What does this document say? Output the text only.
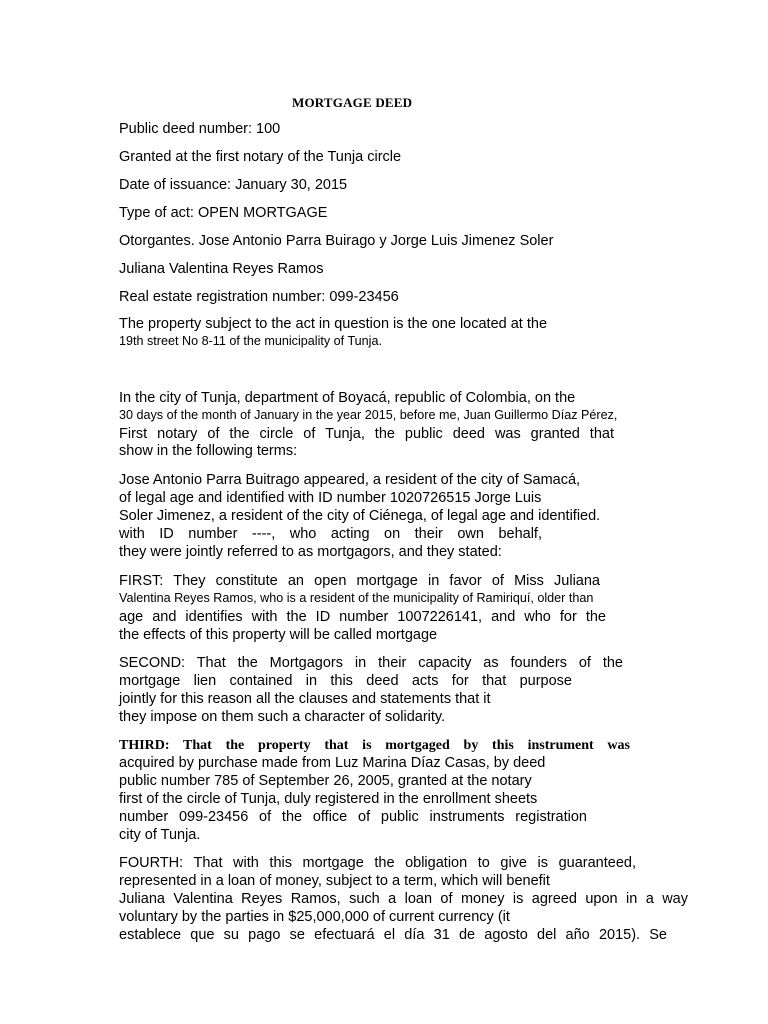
MORTGAGE DEED
Public deed number: 100
Granted at the first notary of the Tunja circle
Date of issuance: January 30, 2015
Type of act: OPEN MORTGAGE
Otorgantes. Jose Antonio Parra Buirago y Jorge Luis Jimenez Soler
Juliana Valentina Reyes Ramos
Real estate registration number: 099-23456
The property subject to the act in question is the one located at the
19th street No 8-11 of the municipality of Tunja.
In the city of Tunja, department of Boyacá, republic of Colombia, on the
30 days of the month of January in the year 2015, before me, Juan Guillermo Díaz Pérez,
First notary of the circle of Tunja, the public deed was granted that
show in the following terms:
Jose Antonio Parra Buitrago appeared, a resident of the city of Samacá,
of legal age and identified with ID number 1020726515 Jorge Luis
Soler Jimenez, a resident of the city of Ciénega, of legal age and identified.
with ID number ----, who acting on their own behalf,
they were jointly referred to as mortgagors, and they stated:
FIRST: They constitute an open mortgage in favor of Miss Juliana
Valentina Reyes Ramos, who is a resident of the municipality of Ramiriquí, older than
age and identifies with the ID number 1007226141, and who for the
the effects of this property will be called mortgage
SECOND: That the Mortgagors in their capacity as founders of the
mortgage lien contained in this deed acts for that purpose
jointly for this reason all the clauses and statements that it
they impose on them such a character of solidarity.
THIRD: That the property that is mortgaged by this instrument was
acquired by purchase made from Luz Marina Díaz Casas, by deed
public number 785 of September 26, 2005, granted at the notary
first of the circle of Tunja, duly registered in the enrollment sheets
number 099-23456 of the office of public instruments registration
city of Tunja.
FOURTH: That with this mortgage the obligation to give is guaranteed,
represented in a loan of money, subject to a term, which will benefit
Juliana Valentina Reyes Ramos, such a loan of money is agreed upon in a way
voluntary by the parties in $25,000,000 of current currency (it
establece que su pago se efectuará el día 31 de agosto del año 2015). Se
